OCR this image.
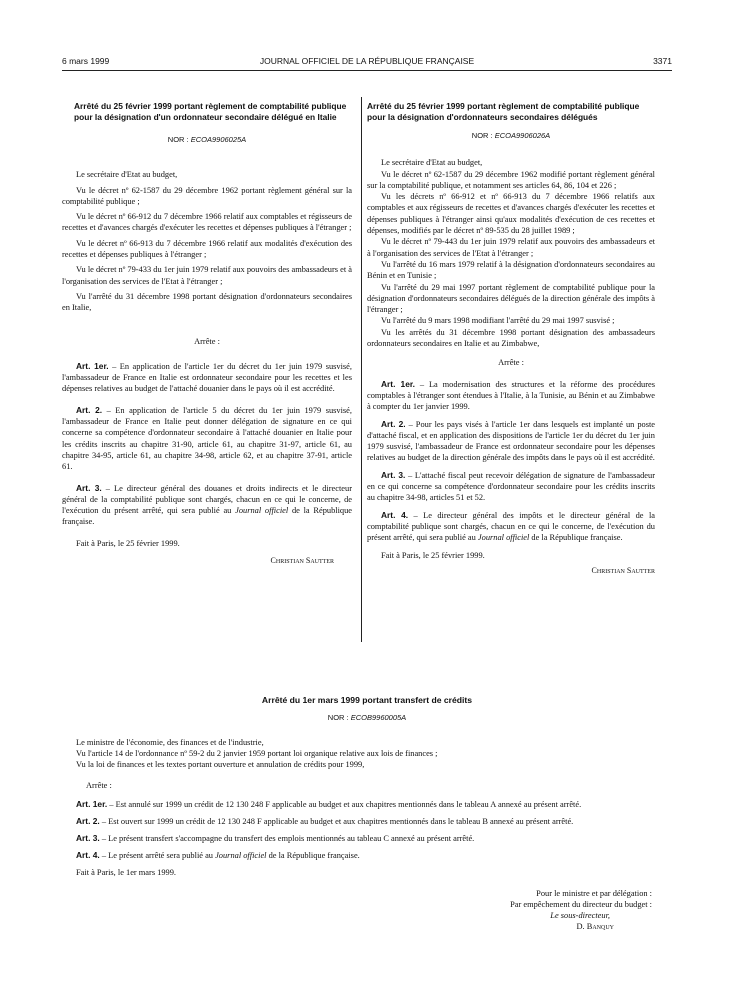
6 mars 1999	JOURNAL OFFICIEL DE LA RÉPUBLIQUE FRANÇAISE	3371
Arrêté du 25 février 1999 portant règlement de comptabilité publique pour la désignation d'un ordonnateur secondaire délégué en Italie
NOR : ECOA9906025A

Le secrétaire d'Etat au budget,

Vu le décret nº 62-1587 du 29 décembre 1962 portant règlement général sur la comptabilité publique ;

Vu le décret nº 66-912 du 7 décembre 1966 relatif aux comptables et régisseurs de recettes et d'avances chargés d'exécuter les recettes et dépenses publiques à l'étranger ;

Vu le décret nº 66-913 du 7 décembre 1966 relatif aux modalités d'exécution des recettes et dépenses publiques à l'étranger ;

Vu le décret nº 79-433 du 1er juin 1979 relatif aux pouvoirs des ambassadeurs et à l'organisation des services de l'Etat à l'étranger ;

Vu l'arrêté du 31 décembre 1998 portant désignation d'ordonnateurs secondaires en Italie,

Arrête :

Art. 1er. – En application de l'article 1er du décret du 1er juin 1979 susvisé, l'ambassadeur de France en Italie est ordonnateur secondaire pour les recettes et les dépenses relatives au budget de l'attaché douanier dans le pays où il est accrédité.

Art. 2. – En application de l'article 5 du décret du 1er juin 1979 susvisé, l'ambassadeur de France en Italie peut donner délégation de signature en ce qui concerne sa compétence d'ordonnateur secondaire à l'attaché douanier en Italie pour les crédits inscrits au chapitre 31-90, article 61, au chapitre 31-97, article 61, au chapitre 34-95, article 61, au chapitre 34-98, article 62, et au chapitre 37-91, article 61.

Art. 3. – Le directeur général des douanes et droits indirects et le directeur général de la comptabilité publique sont chargés, chacun en ce qui le concerne, de l'exécution du présent arrêté, qui sera publié au Journal officiel de la République française.

Fait à Paris, le 25 février 1999.

Christian Sautter

Arrêté du 25 février 1999 portant règlement de comptabilité publique pour la désignation d'ordonnateurs secondaires délégués
NOR : ECOA9906026A

Le secrétaire d'Etat au budget,

Vu le décret nº 62-1587 du 29 décembre 1962 modifié portant règlement général sur la comptabilité publique, et notamment ses articles 64, 86, 104 et 226 ;

Vu les décrets nº 66-912 et nº 66-913 du 7 décembre 1966 relatifs aux comptables et aux régisseurs de recettes et d'avances chargés d'exécuter les recettes et dépenses publiques à l'étranger ainsi qu'aux modalités d'exécution de ces recettes et dépenses, modifiés par le décret nº 89-535 du 28 juillet 1989 ;

Vu le décret nº 79-443 du 1er juin 1979 relatif aux pouvoirs des ambassadeurs et à l'organisation des services de l'Etat à l'étranger ;

Vu l'arrêté du 16 mars 1979 relatif à la désignation d'ordonnateurs secondaires au Bénin et en Tunisie ;

Vu l'arrêté du 29 mai 1997 portant règlement de comptabilité publique pour la désignation d'ordonnateurs secondaires délégués de la direction générale des impôts à l'étranger ;

Vu l'arrêté du 9 mars 1998 modifiant l'arrêté du 29 mai 1997 susvisé ;

Vu les arrêtés du 31 décembre 1998 portant désignation des ambassadeurs ordonnateurs secondaires en Italie et au Zimbabwe,

Arrête :

Art. 1er. – La modernisation des structures et la réforme des procédures comptables à l'étranger sont étendues à l'Italie, à la Tunisie, au Bénin et au Zimbabwe à compter du 1er janvier 1999.

Art. 2. – Pour les pays visés à l'article 1er dans lesquels est implanté un poste d'attaché fiscal, et en application des dispositions de l'article 1er du décret du 1er juin 1979 susvisé, l'ambassadeur de France est ordonnateur secondaire pour les dépenses relatives au budget de la direction générale des impôts dans le pays où il est accrédité.

Art. 3. – L'attaché fiscal peut recevoir délégation de signature de l'ambassadeur en ce qui concerne sa compétence d'ordonnateur secondaire pour les crédits inscrits au chapitre 34-98, articles 51 et 52.

Art. 4. – Le directeur général des impôts et le directeur général de la comptabilité publique sont chargés, chacun en ce qui le concerne, de l'exécution du présent arrêté, qui sera publié au Journal officiel de la République française.

Fait à Paris, le 25 février 1999.

Christian Sautter

Arrêté du 1er mars 1999 portant transfert de crédits
NOR : ECOB9960005A

Le ministre de l'économie, des finances et de l'industrie,

Vu l'article 14 de l'ordonnance nº 59-2 du 2 janvier 1959 portant loi organique relative aux lois de finances ;

Vu la loi de finances et les textes portant ouverture et annulation de crédits pour 1999,

Arrête :

Art. 1er. – Est annulé sur 1999 un crédit de 12 130 248 F applicable au budget et aux chapitres mentionnés dans le tableau A annexé au présent arrêté.

Art. 2. – Est ouvert sur 1999 un crédit de 12 130 248 F applicable au budget et aux chapitres mentionnés dans le tableau B annexé au présent arrêté.

Art. 3. – Le présent transfert s'accompagne du transfert des emplois mentionnés au tableau C annexé au présent arrêté.

Art. 4. – Le présent arrêté sera publié au Journal officiel de la République française.

Fait à Paris, le 1er mars 1999.

Pour le ministre et par délégation :
Par empêchement du directeur du budget :
Le sous-directeur,
D. Banquy
